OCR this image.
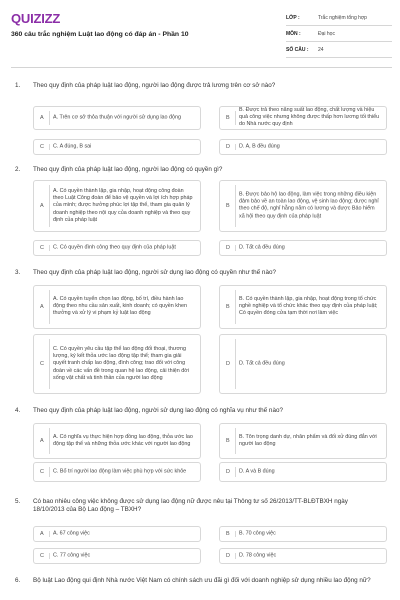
QUIZIZZ
360 câu trắc nghiệm Luật lao động có đáp án - Phần 10
LỚP :	Trắc nghiệm tổng hợp
MÔN :	Đại học
SỐ CÂU :	24
1. Theo quy định của pháp luật lao động, người lao động được trả lương trên cơ sở nào?
A A. Trên cơ sở thỏa thuận với người sử dụng lao động	B
B. Được trả theo năng suất lao động, chất lượng và hiệu quả công việc nhưng không được thấp hơn lương tối thiểu do Nhà nước quy định
C C. A đúng, B sai	D D. A, B đều đúng
2. Theo quy định của pháp luật lao động, người lao động có quyền gì?
A
A. Có quyền thành lập, gia nhập, hoạt động công đoàn theo Luật Công đoàn để bảo vệ quyền và lợi ích hợp pháp của mình; được hưởng phúc lợi tập thể, tham gia quản lý doanh nghiệp theo nội quy của doanh nghiệp và theo quy định của pháp luật
B
B. Được bảo hộ lao động, làm việc trong những điều kiện đảm bảo về an toàn lao động, vệ sinh lao động; được nghỉ theo chế độ, nghỉ hằng năm có lương và được Bảo hiểm xã hội theo quy định của pháp luật
C C. Có quyền đình công theo quy định của pháp luật	D D. Tất cả đều đúng
3. Theo quy định của pháp luật lao động, người sử dụng lao động có quyền như thế nào?
A
A. Có quyền tuyển chọn lao động, bố trí, điều hành lao động theo nhu cầu sản xuất, kinh doanh; có quyền khen thưởng và xử lý vi phạm kỷ luật lao động
B
B. Có quyền thành lập, gia nhập, hoạt động trong tổ chức nghề nghiệp và tổ chức khác theo quy định của pháp luật; Có quyền đóng cửa tạm thời nơi làm việc
C
C. Có quyền yêu cầu tập thể lao động đối thoại, thương lượng, ký kết thỏa ước lao động tập thể; tham gia giải quyết tranh chấp lao động, đình công; trao đổi với công đoàn về các vấn đề trong quan hệ lao động, cải thiện đời sống vật chất và tinh thần của người lao động
D D. Tất cả đều đúng
4. Theo quy định của pháp luật lao động, người sử dụng lao động có nghĩa vụ như thế nào?
A
A. Có nghĩa vụ thực hiện hợp đồng lao động, thỏa ước lao động tập thể và những thỏa ước khác với người lao động	B
B. Tôn trọng danh dự, nhân phẩm và đối xử đúng đắn với người lao động
C C. Bố trí người lao động làm việc phù hợp với sức khỏe	D D. A và B đúng
5. Có bao nhiêu công việc không được sử dụng lao động nữ được nêu tại Thông tư số 26/2013/TT-BLĐTBXH ngày 18/10/2013 của Bộ Lao động – TBXH?
A A. 67 công việc	B B. 70 công việc
C C. 77 công việc	D D. 78 công việc
6. Bộ luật Lao động qui định Nhà nước Việt Nam có chính sách ưu đãi gì đối với doanh nghiệp sử dụng nhiều lao động nữ?
